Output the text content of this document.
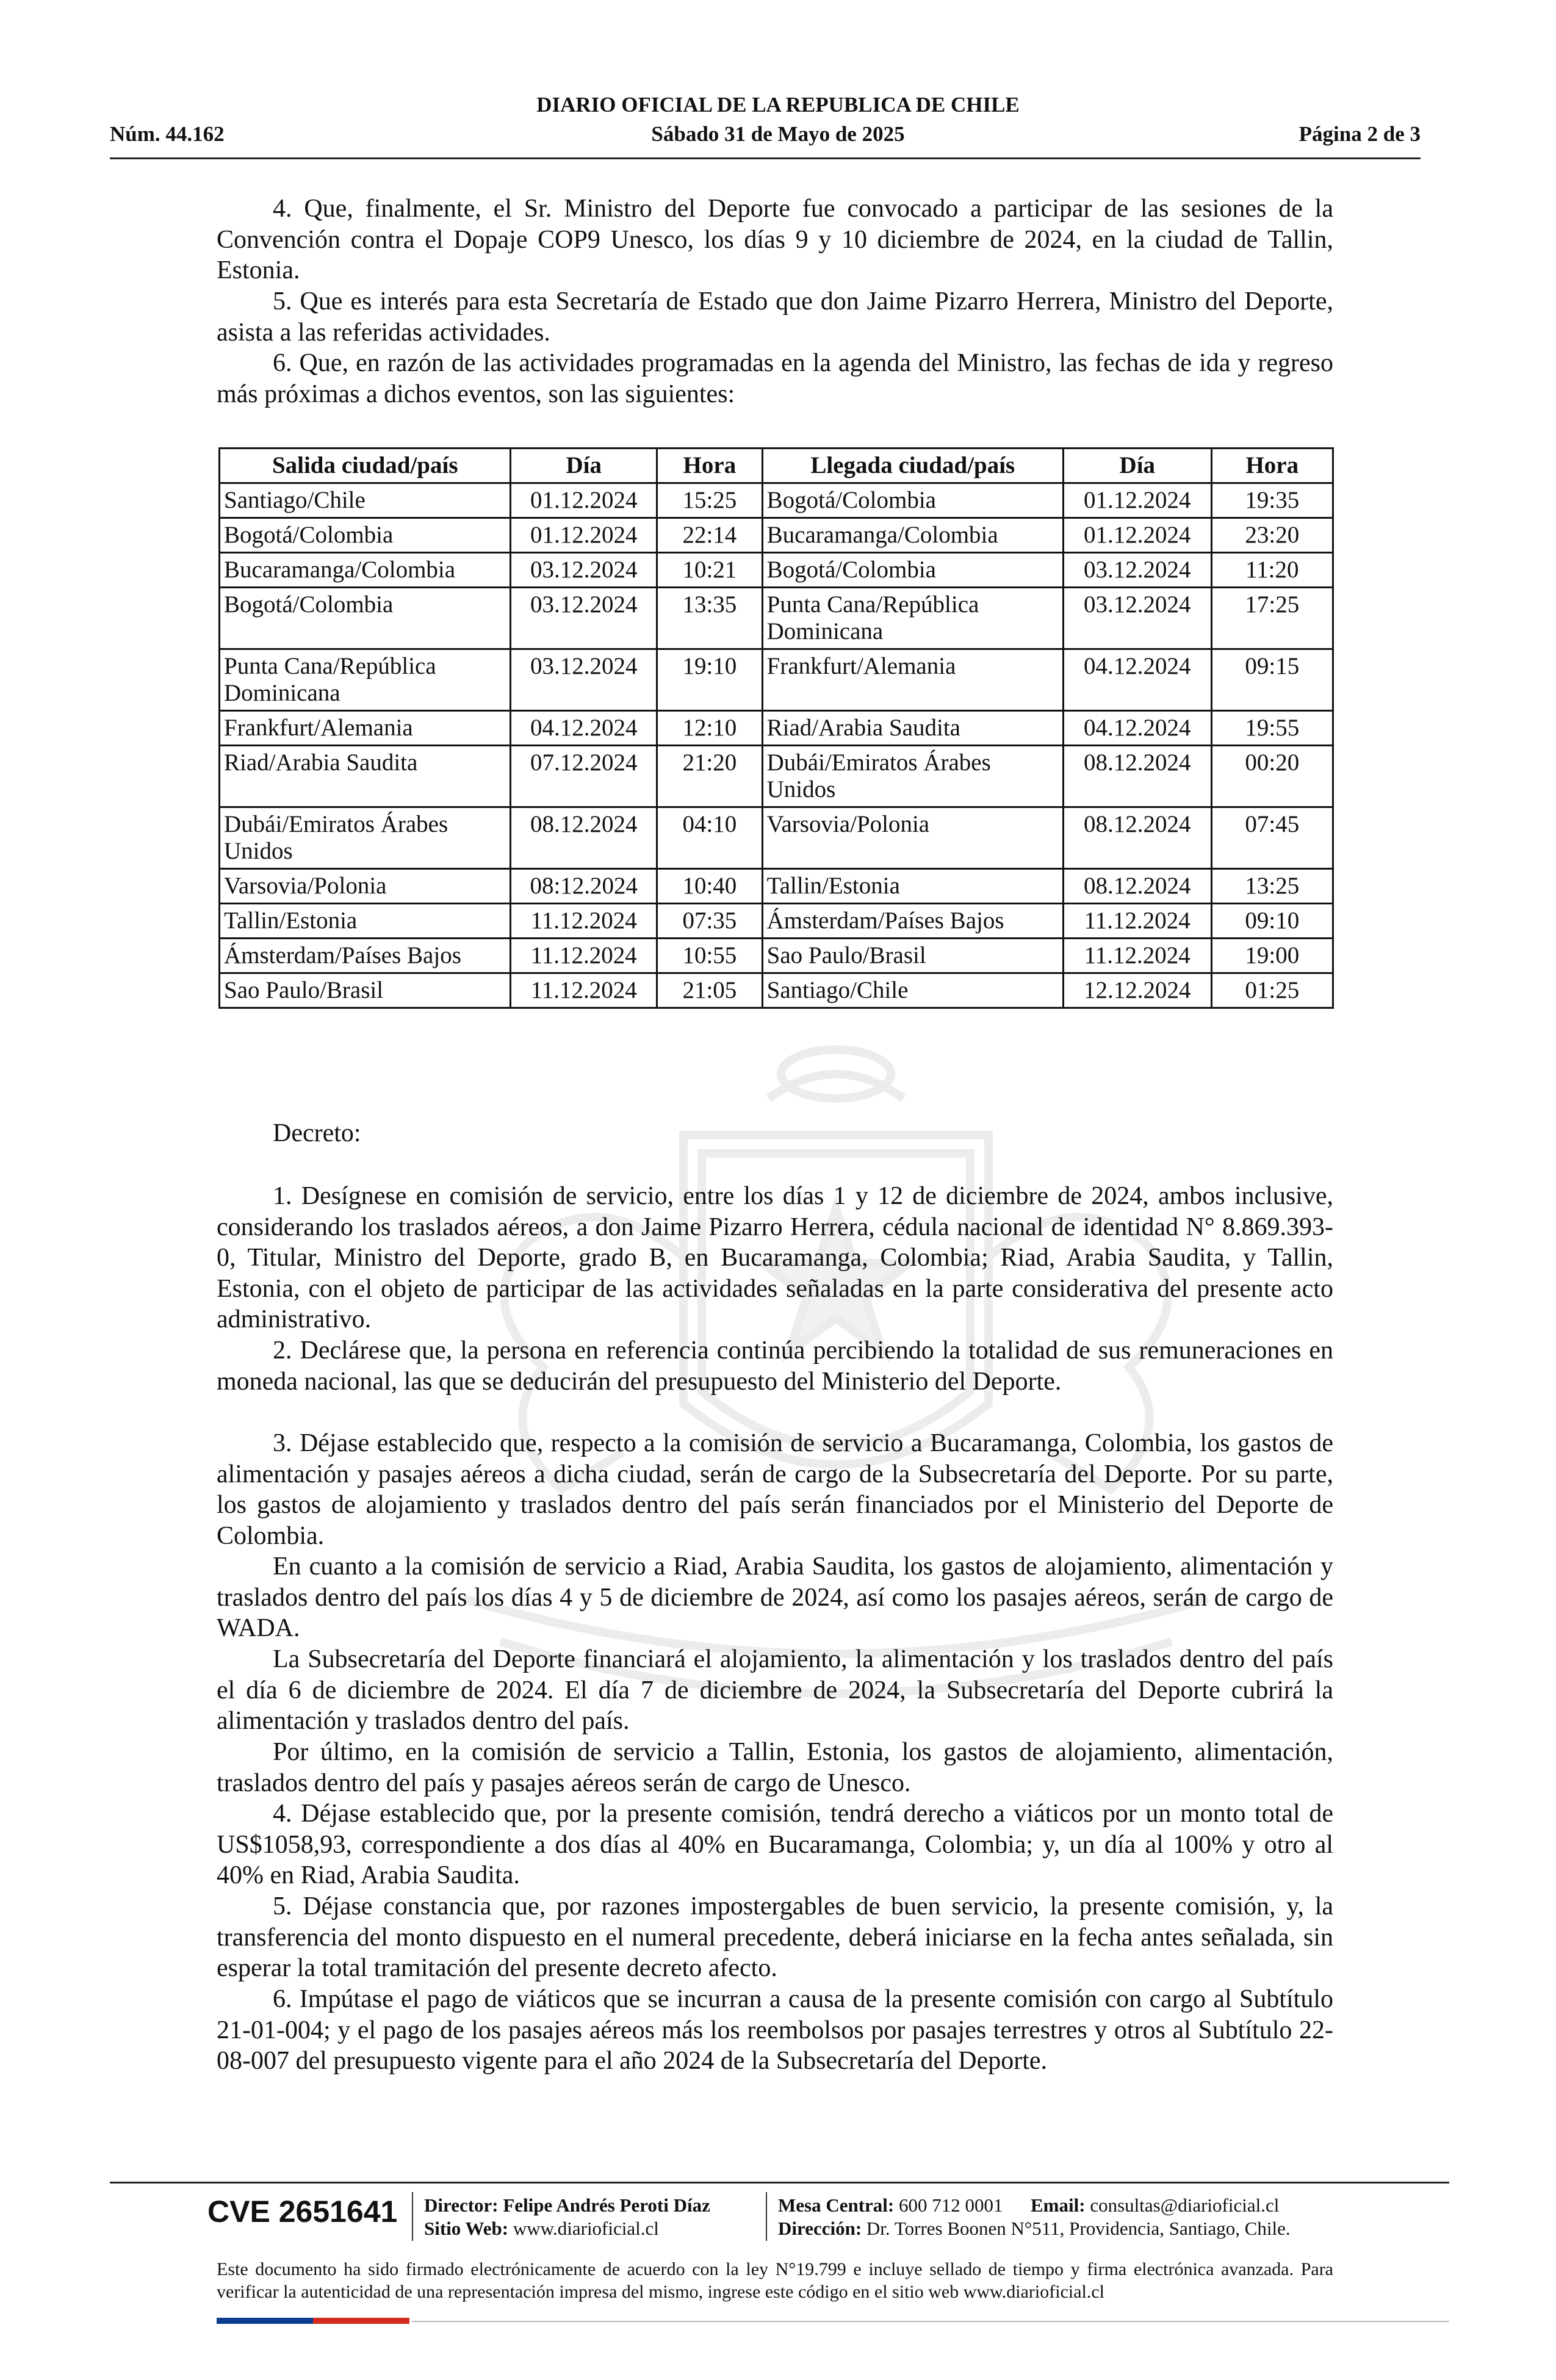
DIARIO OFICIAL DE LA REPUBLICA DE CHILE
Núm. 44.162	Sábado 31 de Mayo de 2025	Página 2 de 3

4. Que, finalmente, el Sr. Ministro del Deporte fue convocado a participar de las sesiones de la Convención contra el Dopaje COP9 Unesco, los días 9 y 10 diciembre de 2024, en la ciudad de Tallin, Estonia.

5. Que es interés para esta Secretaría de Estado que don Jaime Pizarro Herrera, Ministro del Deporte, asista a las referidas actividades.

6. Que, en razón de las actividades programadas en la agenda del Ministro, las fechas de ida y regreso más próximas a dichos eventos, son las siguientes:

Salida ciudad/país	Día	Hora	Llegada ciudad/país	Día	Hora
Santiago/Chile	01.12.2024	15:25	Bogotá/Colombia	01.12.2024	19:35
Bogotá/Colombia	01.12.2024	22:14	Bucaramanga/Colombia	01.12.2024	23:20
Bucaramanga/Colombia	03.12.2024	10:21	Bogotá/Colombia	03.12.2024	11:20
Bogotá/Colombia	03.12.2024	13:35	Punta Cana/República Dominicana	03.12.2024	17:25
Punta Cana/República Dominicana	03.12.2024	19:10	Frankfurt/Alemania	04.12.2024	09:15
Frankfurt/Alemania	04.12.2024	12:10	Riad/Arabia Saudita	04.12.2024	19:55
Riad/Arabia Saudita	07.12.2024	21:20	Dubái/Emiratos Árabes Unidos	08.12.2024	00:20
Dubái/Emiratos Árabes Unidos	08.12.2024	04:10	Varsovia/Polonia	08.12.2024	07:45
Varsovia/Polonia	08:12.2024	10:40	Tallin/Estonia	08.12.2024	13:25
Tallin/Estonia	11.12.2024	07:35	Ámsterdam/Países Bajos	11.12.2024	09:10
Ámsterdam/Países Bajos	11.12.2024	10:55	Sao Paulo/Brasil	11.12.2024	19:00
Sao Paulo/Brasil	11.12.2024	21:05	Santiago/Chile	12.12.2024	01:25

Decreto:

1. Desígnese en comisión de servicio, entre los días 1 y 12 de diciembre de 2024, ambos inclusive, considerando los traslados aéreos, a don Jaime Pizarro Herrera, cédula nacional de identidad N° 8.869.393-0, Titular, Ministro del Deporte, grado B, en Bucaramanga, Colombia; Riad, Arabia Saudita, y Tallin, Estonia, con el objeto de participar de las actividades señaladas en la parte considerativa del presente acto administrativo.

2. Declárese que, la persona en referencia continúa percibiendo la totalidad de sus remuneraciones en moneda nacional, las que se deducirán del presupuesto del Ministerio del Deporte.

3. Déjase establecido que, respecto a la comisión de servicio a Bucaramanga, Colombia, los gastos de alimentación y pasajes aéreos a dicha ciudad, serán de cargo de la Subsecretaría del Deporte. Por su parte, los gastos de alojamiento y traslados dentro del país serán financiados por el Ministerio del Deporte de Colombia.

En cuanto a la comisión de servicio a Riad, Arabia Saudita, los gastos de alojamiento, alimentación y traslados dentro del país los días 4 y 5 de diciembre de 2024, así como los pasajes aéreos, serán de cargo de WADA.

La Subsecretaría del Deporte financiará el alojamiento, la alimentación y los traslados dentro del país el día 6 de diciembre de 2024. El día 7 de diciembre de 2024, la Subsecretaría del Deporte cubrirá la alimentación y traslados dentro del país.

Por último, en la comisión de servicio a Tallin, Estonia, los gastos de alojamiento, alimentación, traslados dentro del país y pasajes aéreos serán de cargo de Unesco.

4. Déjase establecido que, por la presente comisión, tendrá derecho a viáticos por un monto total de US$1058,93, correspondiente a dos días al 40% en Bucaramanga, Colombia; y, un día al 100% y otro al 40% en Riad, Arabia Saudita.

5. Déjase constancia que, por razones impostergables de buen servicio, la presente comisión, y, la transferencia del monto dispuesto en el numeral precedente, deberá iniciarse en la fecha antes señalada, sin esperar la total tramitación del presente decreto afecto.

6. Impútase el pago de viáticos que se incurran a causa de la presente comisión con cargo al Subtítulo 21-01-004; y el pago de los pasajes aéreos más los reembolsos por pasajes terrestres y otros al Subtítulo 22-08-007 del presupuesto vigente para el año 2024 de la Subsecretaría del Deporte.

CVE 2651641 Director: Felipe Andrés Peroti Díaz
Sitio Web: www.diarioficial.cl
Mesa Central: 600 712 0001 Email: consultas@diarioficial.cl
Dirección: Dr. Torres Boonen N°511, Providencia, Santiago, Chile.
Este documento ha sido firmado electrónicamente de acuerdo con la ley N°19.799 e incluye sellado de tiempo y firma electrónica avanzada. Para verificar la autenticidad de una representación impresa del mismo, ingrese este código en el sitio web www.diarioficial.cl
